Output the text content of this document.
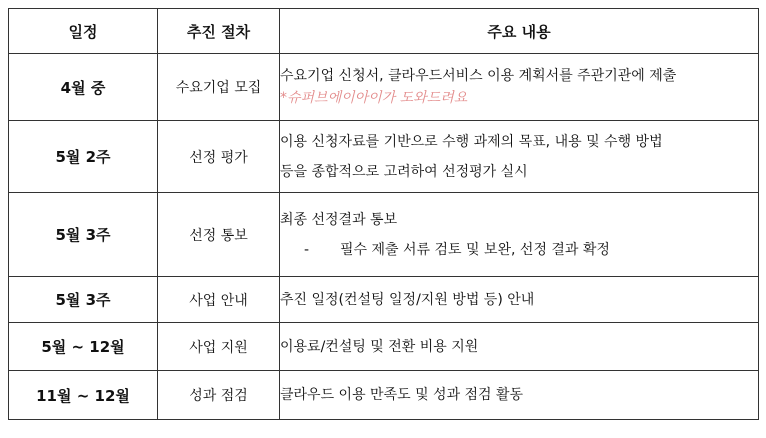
일정	추진 절차	주요 내용
4월 중	수요기업 모집	수요기업 신청서, 클라우드서비스 이용 계획서를 주관기관에 제출
*슈퍼브에이아이가 도와드려요

5월 2주	선정 평가	이용 신청자료를 기반으로 수행 과제의 목표, 내용 및 수행 방법
등을 종합적으로 고려하여 선정평가 실시

5월 3주	선정 통보	최종 선정결과 통보
- 필수 제출 서류 검토 및 보완, 선정 결과 확정

5월 3주	사업 안내	추진 일정(컨설팅 일정/지원 방법 등) 안내

5월 ~ 12월	사업 지원	이용료/컨설팅 및 전환 비용 지원

11월 ~ 12월	성과 점검	클라우드 이용 만족도 및 성과 점검 활동
